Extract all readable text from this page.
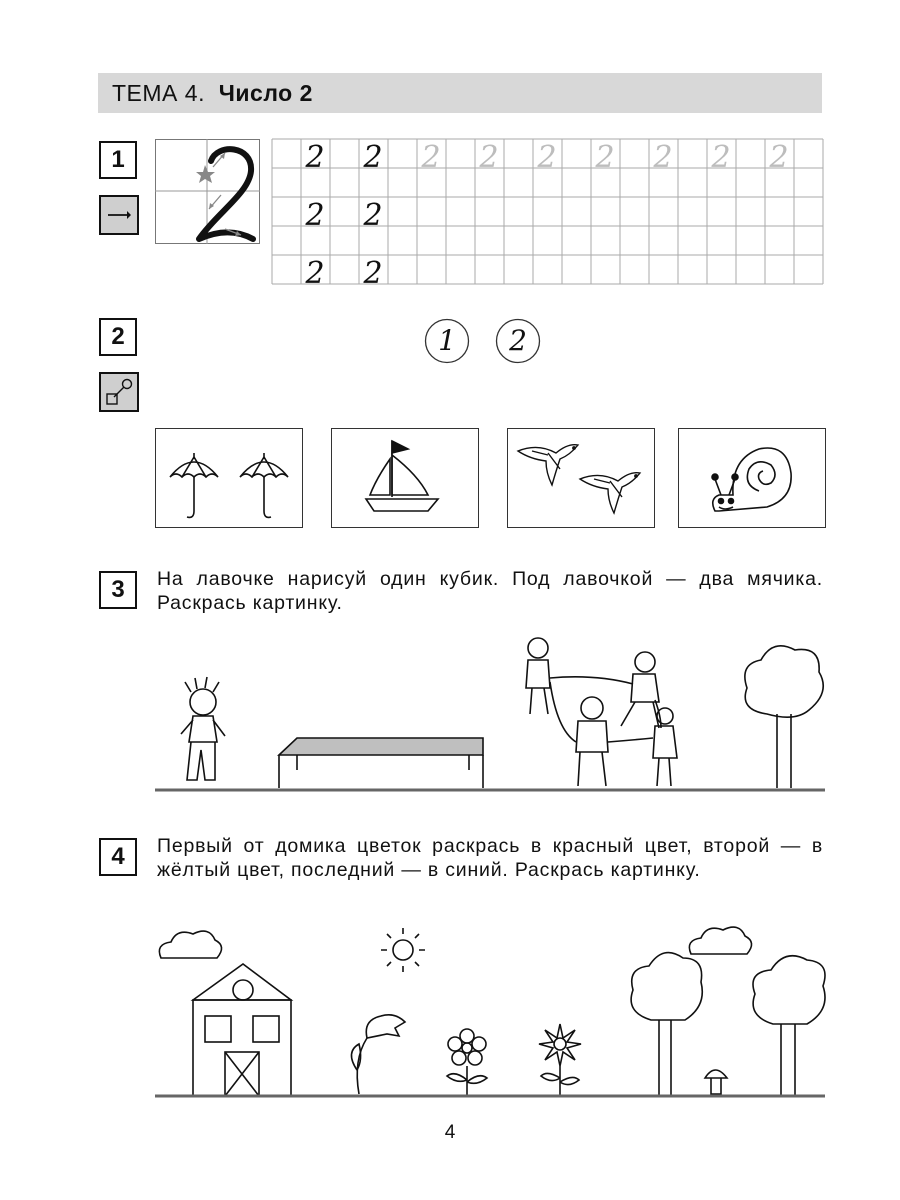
ТЕМА 4. Число 2
1	2 2 2 2 2 2 2 2 2
2 2
2 2
2	1	2
3	На лавочке нарисуй один кубик. Под лавочкой — два мячика. Раскрась картинку.
4	Первый от домика цветок раскрась в красный цвет, второй — в жёлтый цвет, последний — в синий. Раскрась картинку.
4
